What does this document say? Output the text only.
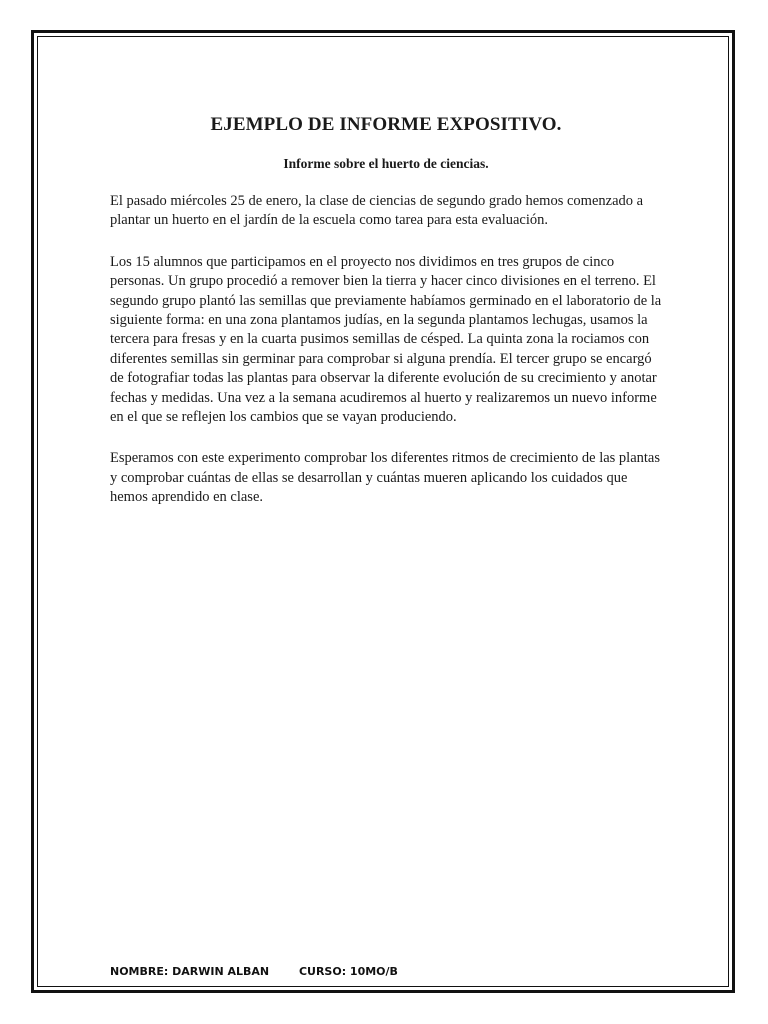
EJEMPLO DE INFORME EXPOSITIVO.

Informe sobre el huerto de ciencias.

El pasado miércoles 25 de enero, la clase de ciencias de segundo grado hemos comenzado a plantar un huerto en el jardín de la escuela como tarea para esta evaluación.

Los 15 alumnos que participamos en el proyecto nos dividimos en tres grupos de cinco personas. Un grupo procedió a remover bien la tierra y hacer cinco divisiones en el terreno. El segundo grupo plantó las semillas que previamente habíamos germinado en el laboratorio de la siguiente forma: en una zona plantamos judías, en la segunda plantamos lechugas, usamos la tercera para fresas y en la cuarta pusimos semillas de césped. La quinta zona la rociamos con diferentes semillas sin germinar para comprobar si alguna prendía. El tercer grupo se encargó de fotografiar todas las plantas para observar la diferente evolución de su crecimiento y anotar fechas y medidas. Una vez a la semana acudiremos al huerto y realizaremos un nuevo informe en el que se reflejen los cambios que se vayan produciendo.

Esperamos con este experimento comprobar los diferentes ritmos de crecimiento de las plantas y comprobar cuántas de ellas se desarrollan y cuántas mueren aplicando los cuidados que hemos aprendido en clase.

NOMBRE: DARWIN ALBAN	CURSO: 10MO/B
